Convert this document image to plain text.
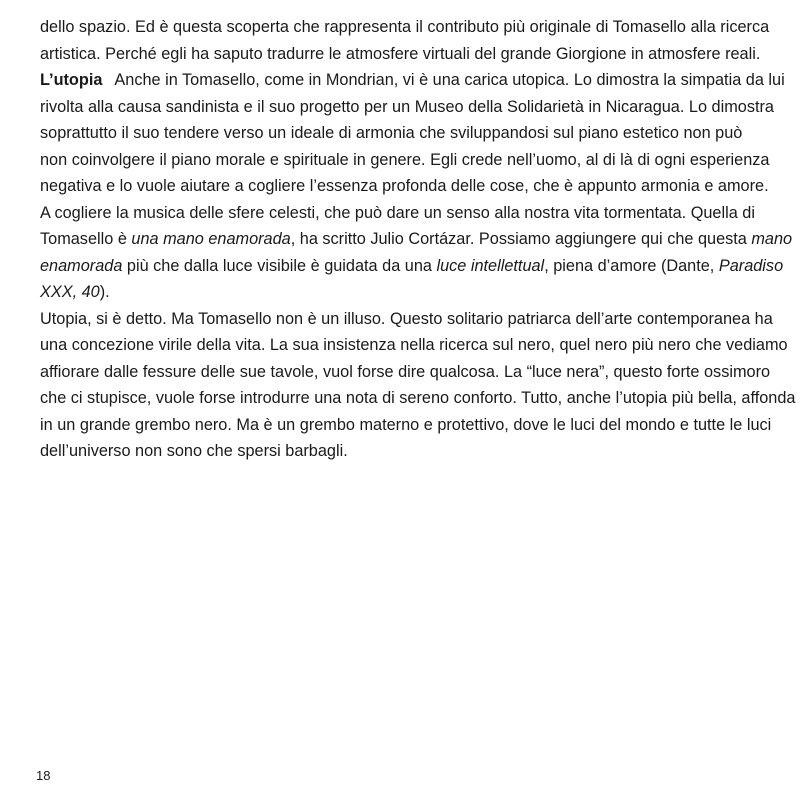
dello spazio. Ed è questa scoperta che rappresenta il contributo più originale di Tomasello alla ricerca
artistica. Perché egli ha saputo tradurre le atmosfere virtuali del grande Giorgione in atmosfere reali.
L’utopia Anche in Tomasello, come in Mondrian, vi è una carica utopica. Lo dimostra la simpatia da lui
rivolta alla causa sandinista e il suo progetto per un Museo della Solidarietà in Nicaragua. Lo dimostra
soprattutto il suo tendere verso un ideale di armonia che sviluppandosi sul piano estetico non può
non coinvolgere il piano morale e spirituale in genere. Egli crede nell’uomo, al di là di ogni esperienza
negativa e lo vuole aiutare a cogliere l’essenza profonda delle cose, che è appunto armonia e amore.
A cogliere la musica delle sfere celesti, che può dare un senso alla nostra vita tormentata. Quella di
Tomasello è una mano enamorada, ha scritto Julio Cortázar. Possiamo aggiungere qui che questa mano
enamorada più che dalla luce visibile è guidata da una luce intellettual, piena d’amore (Dante, Paradiso
XXX, 40).
Utopia, si è detto. Ma Tomasello non è un illuso. Questo solitario patriarca dell’arte contemporanea ha
una concezione virile della vita. La sua insistenza nella ricerca sul nero, quel nero più nero che vediamo
affiorare dalle fessure delle sue tavole, vuol forse dire qualcosa. La “luce nera”, questo forte ossimoro
che ci stupisce, vuole forse introdurre una nota di sereno conforto. Tutto, anche l’utopia più bella, affonda
in un grande grembo nero. Ma è un grembo materno e protettivo, dove le luci del mondo e tutte le luci
dell’universo non sono che spersi barbagli.
18
